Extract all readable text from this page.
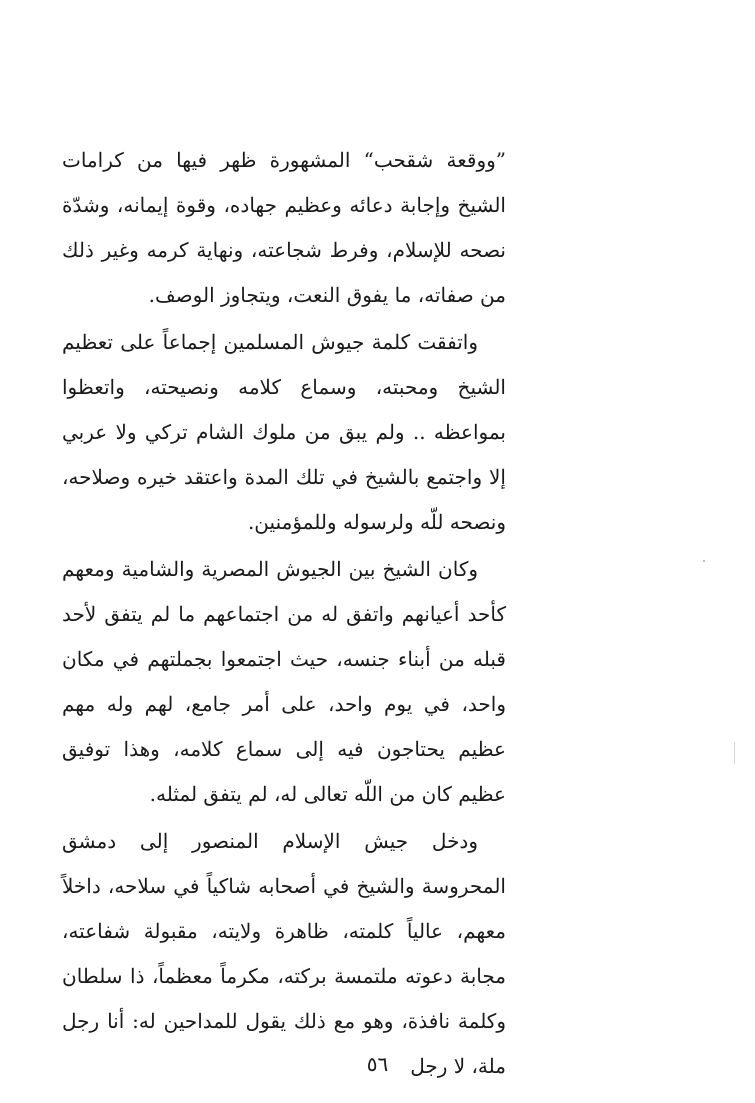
”ووقعة شقحب“ المشهورة ظهر فيها من كرامات الشيخ وإجابة دعائه وعظيم جهاده، وقوة إيمانه، وشدّة نصحه للإسلام، وفرط شجاعته، ونهاية كرمه وغير ذلك من صفاته، ما يفوق النعت، ويتجاوز الوصف.

واتفقت كلمة جيوش المسلمين إجماعاً على تعظيم الشيخ ومحبته، وسماع كلامه ونصيحته، واتعظوا بمواعظه .. ولم يبق من ملوك الشام تركي ولا عربي إلا واجتمع بالشيخ في تلك المدة واعتقد خيره وصلاحه، ونصحه للّه ولرسوله وللمؤمنين.

وكان الشيخ بين الجيوش المصرية والشامية ومعهم كأحد أعيانهم واتفق له من اجتماعهم ما لم يتفق لأحد قبله من أبناء جنسه، حيث اجتمعوا بجملتهم في مكان واحد، في يوم واحد، على أمر جامع، لهم وله مهم عظيم يحتاجون فيه إلى سماع كلامه، وهذا توفيق عظيم كان من اللّه تعالى له، لم يتفق لمثله.

ودخل جيش الإسلام المنصور إلى دمشق المحروسة والشيخ في أصحابه شاكياً في سلاحه، داخلاً معهم، عالياً كلمته، ظاهرة ولايته، مقبولة شفاعته، مجابة دعوته ملتمسة بركته، مكرماً معظماً، ذا سلطان وكلمة نافذة، وهو مع ذلك يقول للمداحين له: أنا رجل ملة، لا رجل

٥٦
